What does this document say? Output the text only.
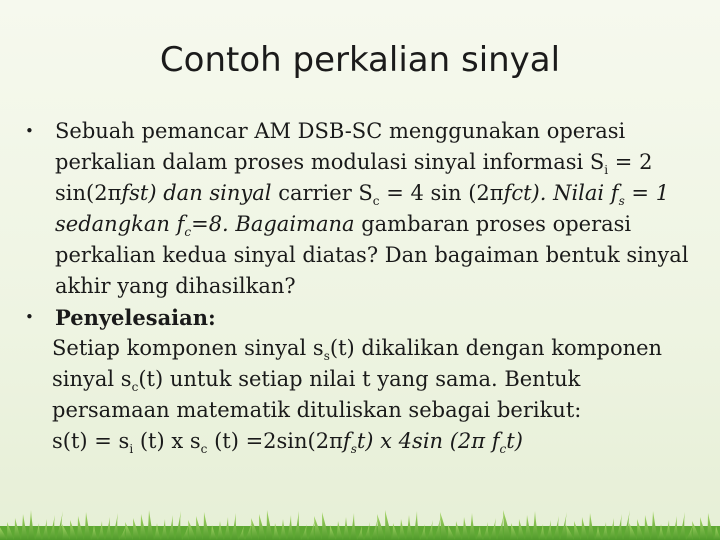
Contoh perkalian sinyal
•	Sebuah pemancar AM DSB-SC menggunakan operasi perkalian dalam proses modulasi sinyal informasi $S_i = 2$ sin(2πfst) dan sinyal carrier $S_c = 4$ sin (2πfct). Nilai $f_s = 1$ sedangkan $f_c=8$. Bagaimana gambaran proses operasi perkalian kedua sinyal diatas? Dan bagaiman bentuk sinyal akhir yang dihasilkan?
•	Penyelesaian:
Setiap komponen sinyal $s_s(t)$ dikalikan dengan komponen sinyal $s_c(t)$ untuk setiap nilai t yang sama. Bentuk persamaan matematik dituliskan sebagai berikut:
$s(t) = s_i$ (t) x $s_c$ $(t) =2\sin(2\pi f_st)$ x 4sin (2π $f_ct$)
